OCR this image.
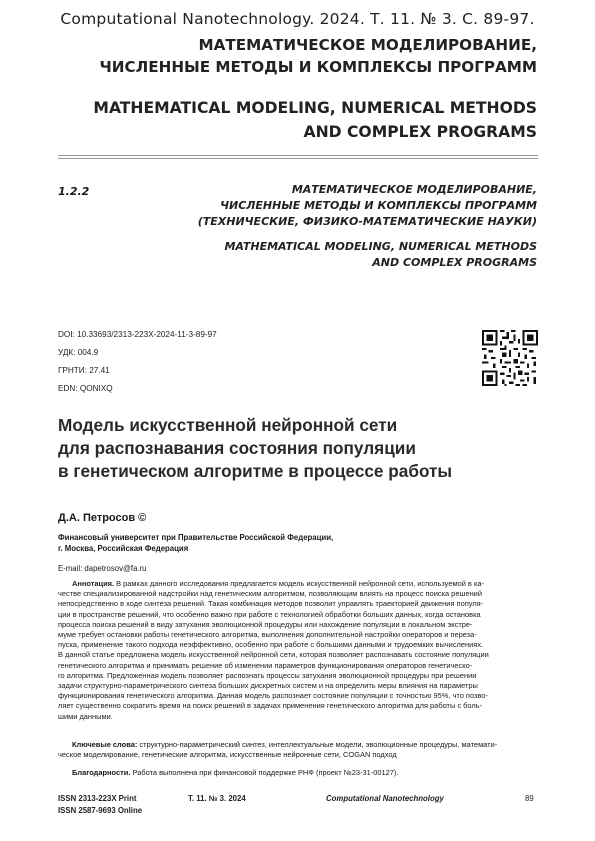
Computational Nanotechnology. 2024. Т. 11. № 3. С. 89-97.
МАТЕМАТИЧЕСКОЕ МОДЕЛИРОВАНИЕ,
ЧИСЛЕННЫЕ МЕТОДЫ И КОМПЛЕКСЫ ПРОГРАММ
MATHEMATICAL MODELING, NUMERICAL METHODS
AND COMPLEX PROGRAMS
1.2.2	МАТЕМАТИЧЕСКОЕ МОДЕЛИРОВАНИЕ,
ЧИСЛЕННЫЕ МЕТОДЫ И КОМПЛЕКСЫ ПРОГРАММ
(ТЕХНИЧЕСКИЕ, ФИЗИКО-МАТЕМАТИЧЕСКИЕ НАУКИ)
MATHEMATICAL MODELING, NUMERICAL METHODS
AND COMPLEX PROGRAMS
DOI: 10.33693/2313-223X-2024-11-3-89-97
УДК: 004.9
ГРНТИ: 27.41
EDN: QONIXQ
Модель искусственной нейронной сети
для распознавания состояния популяции
в генетическом алгоритме в процессе работы
Д.А. Петросов ©
Финансовый университет при Правительстве Российской Федерации,
г. Москва, Российская Федерация
E-mail: dapetrosov@fa.ru
Аннотация. В рамках данного исследования предлагается модель искусственной нейронной сети, используемой в ка-
честве специализированной надстройки над генетическим алгоритмом, позволяющим влиять на процесс поиска решений
непосредственно в ходе синтеза решений. Такая комбинация методов позволит управлять траекторией движения популя-
ции в пространстве решений, что особенно важно при работе с технологией обработки больших данных, когда остановка
процесса поиска решений в виду затухания эволюционной процедуры или нахождение популяции в локальном экстре-
муме требует остановки работы генетического алгоритма, выполнения дополнительной настройки операторов и переза-
пуска, применение такого подхода неэффективно, особенно при работе с большими данными и трудоемких вычислениях.
В данной статье предложена модель искусственной нейронной сети, которая позволяет распознавать состояние популяции
генетического алгоритма и принимать решение об изменении параметров функционирования операторов генетическо-
го алгоритма. Предложенная модель позволяет распознать процессы затухания эволюционной процедуры при решении
задачи структурно-параметрического синтеза больших дискретных систем и на определить меры влияния на параметры
функционирования генетического алгоритма. Данная модель распознает состояние популяции с точностью 95%, что позво-
ляет существенно сократить время на поиск решений в задачах применения генетического алгоритма для работы с боль-
шими данными.
Ключевые слова: структурно-параметрический синтез, интеллектуальные модели, эволюционные процедуры, математи-
ческое моделирование, генетические алгоритма, искусственные нейронные сети, COGAN подход
Благодарности. Работа выполнена при финансовой поддержке РНФ (проект №23-31-00127).
ISSN 2313-223X Print
ISSN 2587-9693 Online
Т. 11. № 3. 2024	Computational Nanotechnology	89
